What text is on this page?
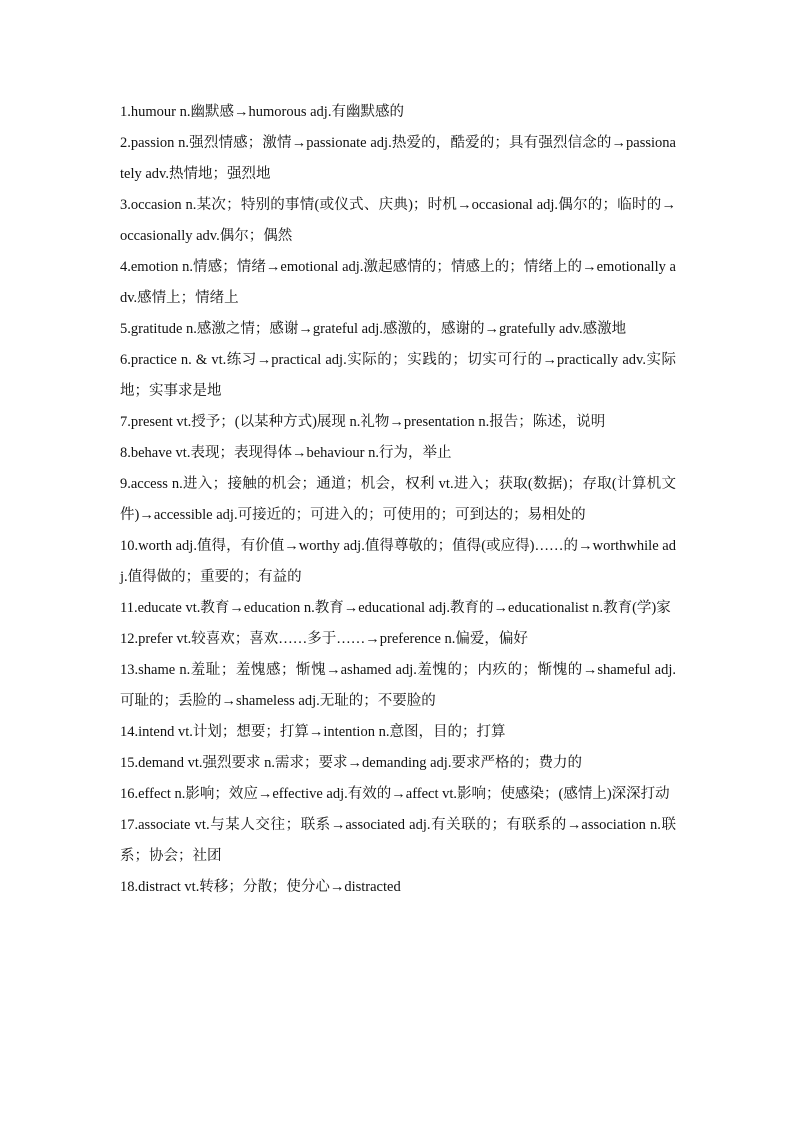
1.humour n.幽默感→humorous adj.有幽默感的
2.passion n.强烈情感；激情→passionate adj.热爱的，酷爱的；具有强烈信念的→passionately adv.热情地；强烈地
3.occasion n.某次；特别的事情(或仪式、庆典)；时机→occasional adj.偶尔的；临时的→occasionally adv.偶尔；偶然
4.emotion n.情感；情绪→emotional adj.激起感情的；情感上的；情绪上的→emotionally adv.感情上；情绪上
5.gratitude n.感激之情；感谢→grateful adj.感激的，感谢的→gratefully adv.感激地
6.practice n. & vt.练习→practical adj.实际的；实践的；切实可行的→practically adv.实际地；实事求是地
7.present vt.授予；(以某种方式)展现 n.礼物→presentation n.报告；陈述，说明
8.behave vt.表现；表现得体→behaviour n.行为，举止
9.access n.进入；接触的机会；通道；机会，权利 vt.进入；获取(数据)；存取(计算机文件)→accessible adj.可接近的；可进入的；可使用的；可到达的；易相处的
10.worth adj.值得，有价值→worthy adj.值得尊敬的；值得(或应得)……的→worthwhile adj.值得做的；重要的；有益的
11.educate vt.教育→education n.教育→educational adj.教育的→educationalist n.教育(学)家
12.prefer vt.较喜欢；喜欢……多于……→preference n.偏爱，偏好
13.shame n.羞耻；羞愧感；惭愧→ashamed adj.羞愧的；内疚的；惭愧的→shameful adj.可耻的；丢脸的→shameless adj.无耻的；不要脸的
14.intend vt.计划；想要；打算→intention n.意图，目的；打算
15.demand vt.强烈要求 n.需求；要求→demanding adj.要求严格的；费力的
16.effect n.影响；效应→effective adj.有效的→affect vt.影响；使感染；(感情上)深深打动
17.associate vt.与某人交往；联系→associated adj.有关联的；有联系的→association n.联系；协会；社团
18.distract vt.转移；分散；使分心→distracted
